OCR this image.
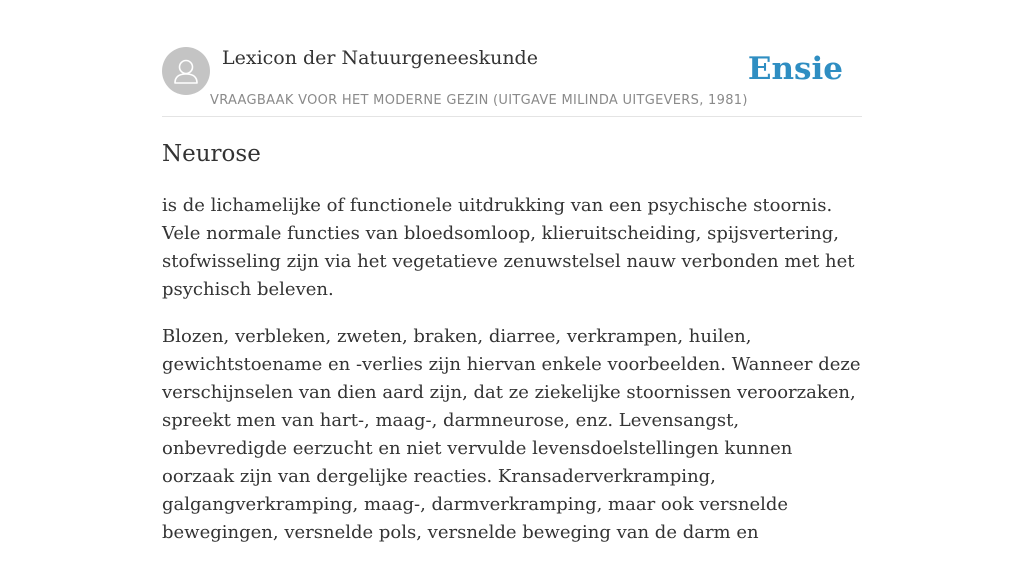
Lexicon der Natuurgeneeskunde
VRAAGBAAK VOOR HET MODERNE GEZIN (UITGAVE MILINDA UITGEVERS, 1981)
Ensie
Neurose

is de lichamelijke of functionele uitdrukking van een psychische stoornis. Vele normale functies van bloedsomloop, klieruitscheiding, spijsvertering, stofwisseling zijn via het vegetatieve zenuwstelsel nauw verbonden met het psychisch beleven.

Blozen, verbleken, zweten, braken, diarree, verkrampen, huilen, gewichtstoename en -verlies zijn hiervan enkele voorbeelden. Wanneer deze verschijnselen van dien aard zijn, dat ze ziekelijke stoornissen veroorzaken, spreekt men van hart-, maag-, darmneurose, enz. Levensangst, onbevredigde eerzucht en niet vervulde levensdoelstellingen kunnen oorzaak zijn van dergelijke reacties. Kransaderverkramping, galgangverkramping, maag-, darmverkramping, maar ook versnelde bewegingen, versnelde pols, versnelde beweging van de darm en
